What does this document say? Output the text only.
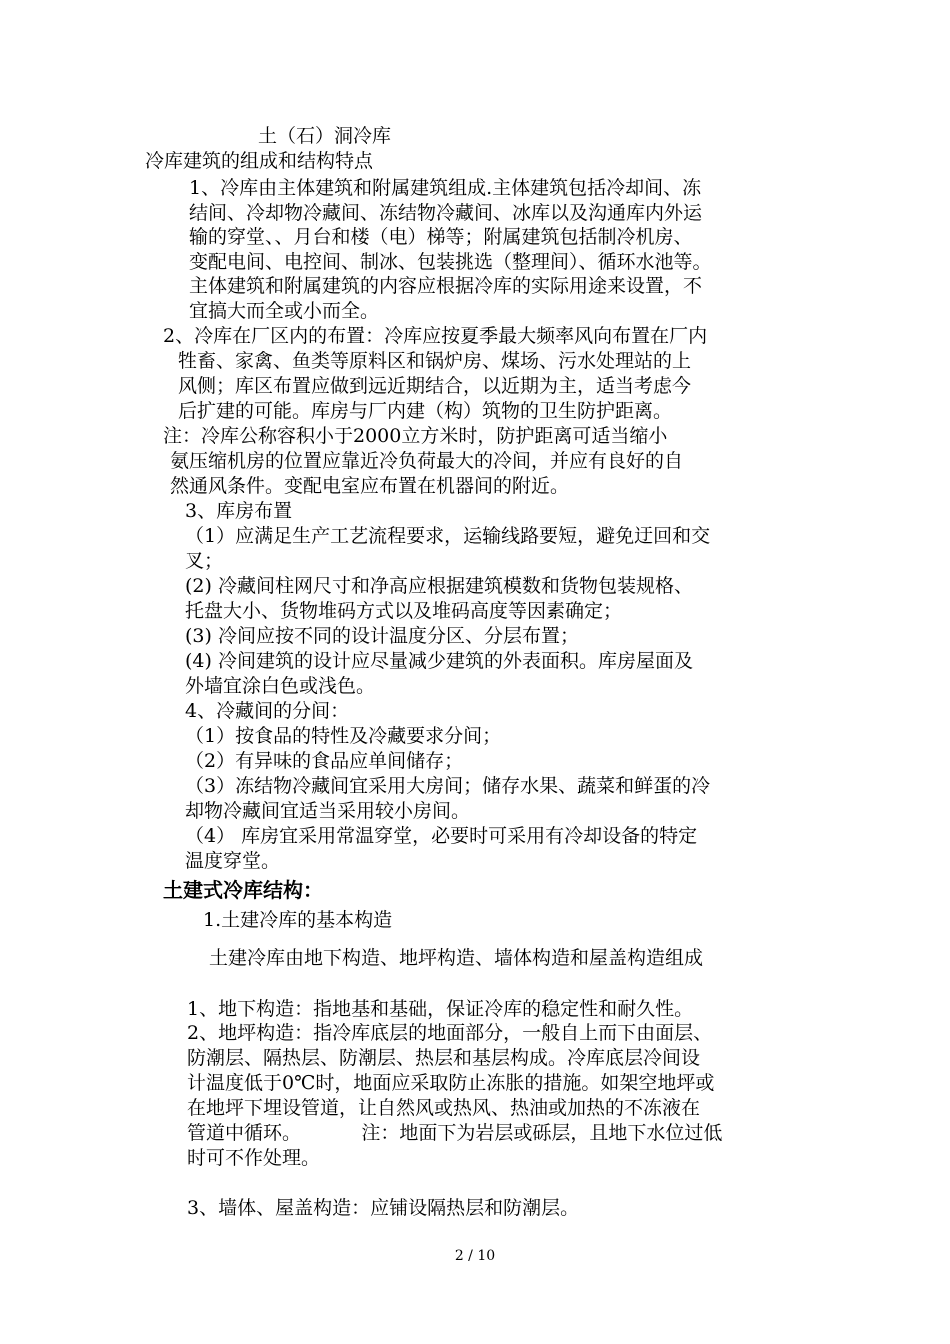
土（石）洞冷库
冷库建筑的组成和结构特点
1、冷库由主体建筑和附属建筑组成.主体建筑包括冷却间、冻
结间、冷却物冷藏间、冻结物冷藏间、冰库以及沟通库内外运
输的穿堂、、月台和楼（电）梯等；附属建筑包括制冷机房、
变配电间、电控间、制冰、包装挑选（整理间）、循环水池等。
主体建筑和附属建筑的内容应根据冷库的实际用途来设置，不
宜搞大而全或小而全。
2、冷库在厂区内的布置：冷库应按夏季最大频率风向布置在厂内
牲畜、家禽、鱼类等原料区和锅炉房、煤场、污水处理站的上
风侧；库区布置应做到远近期结合，以近期为主，适当考虑今
后扩建的可能。库房与厂内建（构）筑物的卫生防护距离。
注：冷库公称容积小于2000立方米时，防护距离可适当缩小
氨压缩机房的位置应靠近冷负荷最大的冷间，并应有良好的自
然通风条件。变配电室应布置在机器间的附近。
3、库房布置
（1）应满足生产工艺流程要求，运输线路要短，避免迂回和交
叉；
(2) 冷藏间柱网尺寸和净高应根据建筑模数和货物包装规格、
托盘大小、货物堆码方式以及堆码高度等因素确定；
(3) 冷间应按不同的设计温度分区、分层布置；
(4) 冷间建筑的设计应尽量减少建筑的外表面积。库房屋面及
外墙宜涂白色或浅色。
4、冷藏间的分间：
（1）按食品的特性及冷藏要求分间；
（2）有异味的食品应单间储存；
（3）冻结物冷藏间宜采用大房间；储存水果、蔬菜和鲜蛋的冷
却物冷藏间宜适当采用较小房间。
（4） 库房宜采用常温穿堂，必要时可采用有冷却设备的特定
温度穿堂。
土建式冷库结构：
1.土建冷库的基本构造
土建冷库由地下构造、地坪构造、墙体构造和屋盖构造组成
1、地下构造：指地基和基础，保证冷库的稳定性和耐久性。
2、地坪构造：指冷库底层的地面部分，一般自上而下由面层、
防潮层、隔热层、防潮层、热层和基层构成。冷库底层冷间设
计温度低于0℃时，地面应采取防止冻胀的措施。如架空地坪或
在地坪下埋设管道，让自然风或热风、热油或加热的不冻液在
管道中循环。          注：地面下为岩层或砾层，且地下水位过低
时可不作处理。
3、墙体、屋盖构造：应铺设隔热层和防潮层。
2 / 10
